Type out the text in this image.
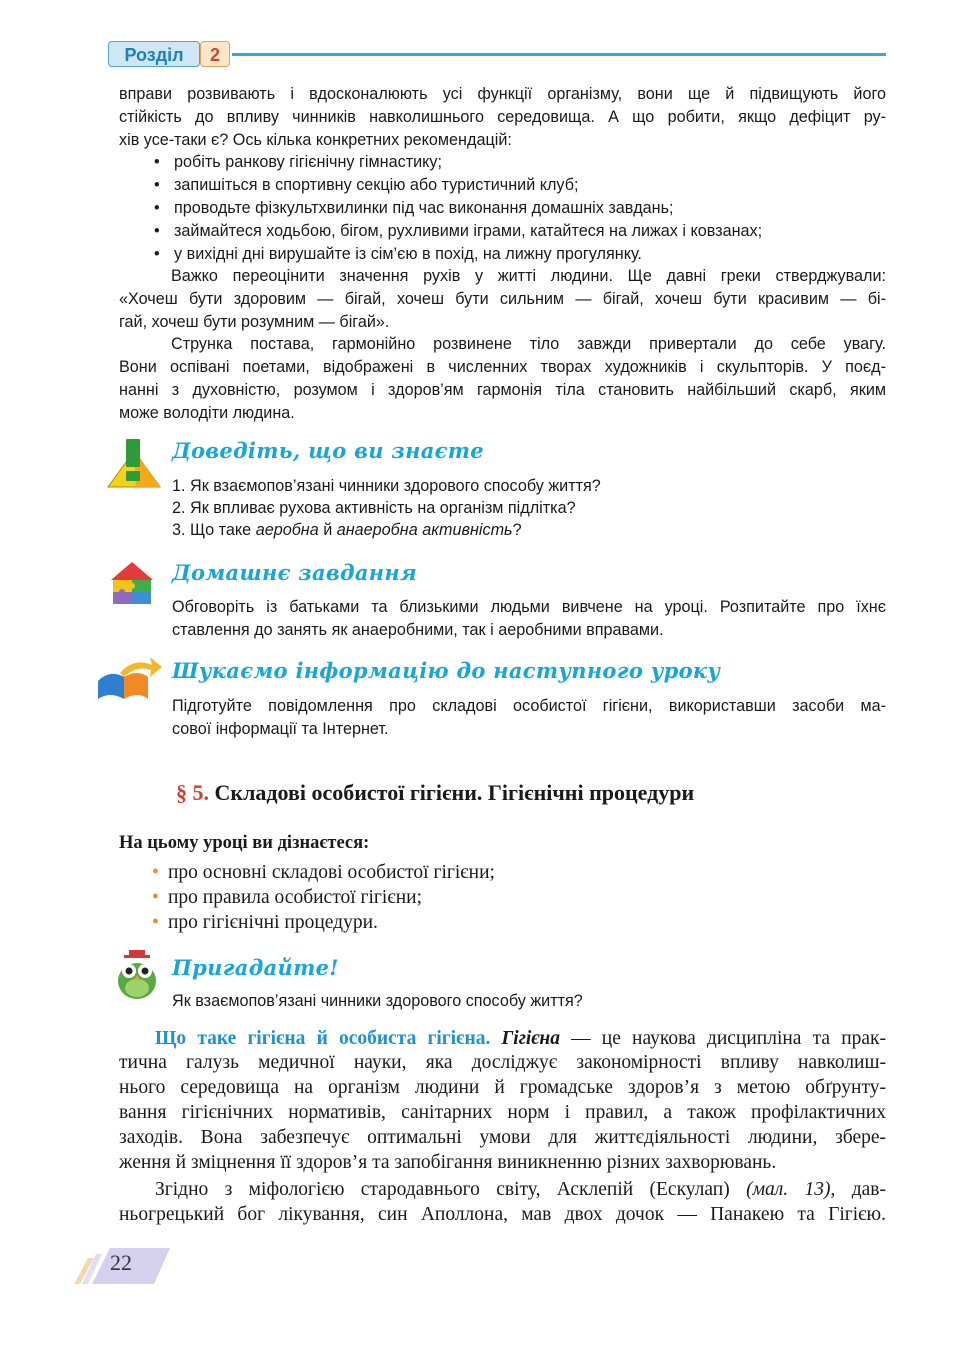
Розділ	2
вправи розвивають і вдосконалюють усі функції організму, вони ще й підвищують його
стійкість до впливу чинників навколишнього середовища. А що робити, якщо дефіцит ру-
хів усе-таки є? Ось кілька конкретних рекомендацій:
• робіть ранкову гігієнічну гімнастику;
• запишіться в спортивну секцію або туристичний клуб;
• проводьте фізкультхвилинки під час виконання домашніх завдань;
• займайтеся ходьбою, бігом, рухливими іграми, катайтеся на лижах і ковзанах;
• у вихідні дні вирушайте із сім’єю в похід, на лижну прогулянку.
Важко переоцінити значення рухів у житті людини. Ще давні греки стверджували:
«Хочеш бути здоровим — бігай, хочеш бути сильним — бігай, хочеш бути красивим — бі-
гай, хочеш бути розумним — бігай».
Струнка постава, гармонійно розвинене тіло завжди привертали до себе увагу.
Вони оспівані поетами, відображені в численних творах художників і скульпторів. У поєд-
нанні з духовністю, розумом і здоров’ям гармонія тіла становить найбільший скарб, яким
може володіти людина.
Доведіть, що ви знаєте
1. Як взаємопов’язані чинники здорового способу життя?
2. Як впливає рухова активність на організм підлітка?
3. Що таке аеробна й анаеробна активність?
Домашнє завдання
Обговоріть із батьками та близькими людьми вивчене на уроці. Розпитайте про їхнє
ставлення до занять як анаеробними, так і аеробними вправами.
Шукаємо інформацію до наступного уроку
Підготуйте повідомлення про складові особистої гігієни, використавши засоби ма-
сової інформації та Інтернет.
§ 5. Складові особистої гігієни. Гігієнічні процедури
На цьому уроці ви дізнаєтеся:
• про основні складові особистої гігієни;
• про правила особистої гігієни;
• про гігієнічні процедури.
Пригадайте!
Як взаємопов’язані чинники здорового способу життя?
Що таке гігієна й особиста гігієна. Гігієна — це наукова дисципліна та прак-
тична галузь медичної науки, яка досліджує закономірності впливу навколиш-
нього середовища на організм людини й громадське здоров’я з метою обґрунту-
вання гігієнічних нормативів, санітарних норм і правил, а також профілактичних
заходів. Вона забезпечує оптимальні умови для життєдіяльності людини, збере-
ження й зміцнення її здоров’я та запобігання виникненню різних захворювань.
Згідно з міфологією стародавнього світу, Асклепій (Ескулап) (мал. 13), дав-
ньогрецький бог лікування, син Аполлона, мав двох дочок — Панакею та Гігією.
22
